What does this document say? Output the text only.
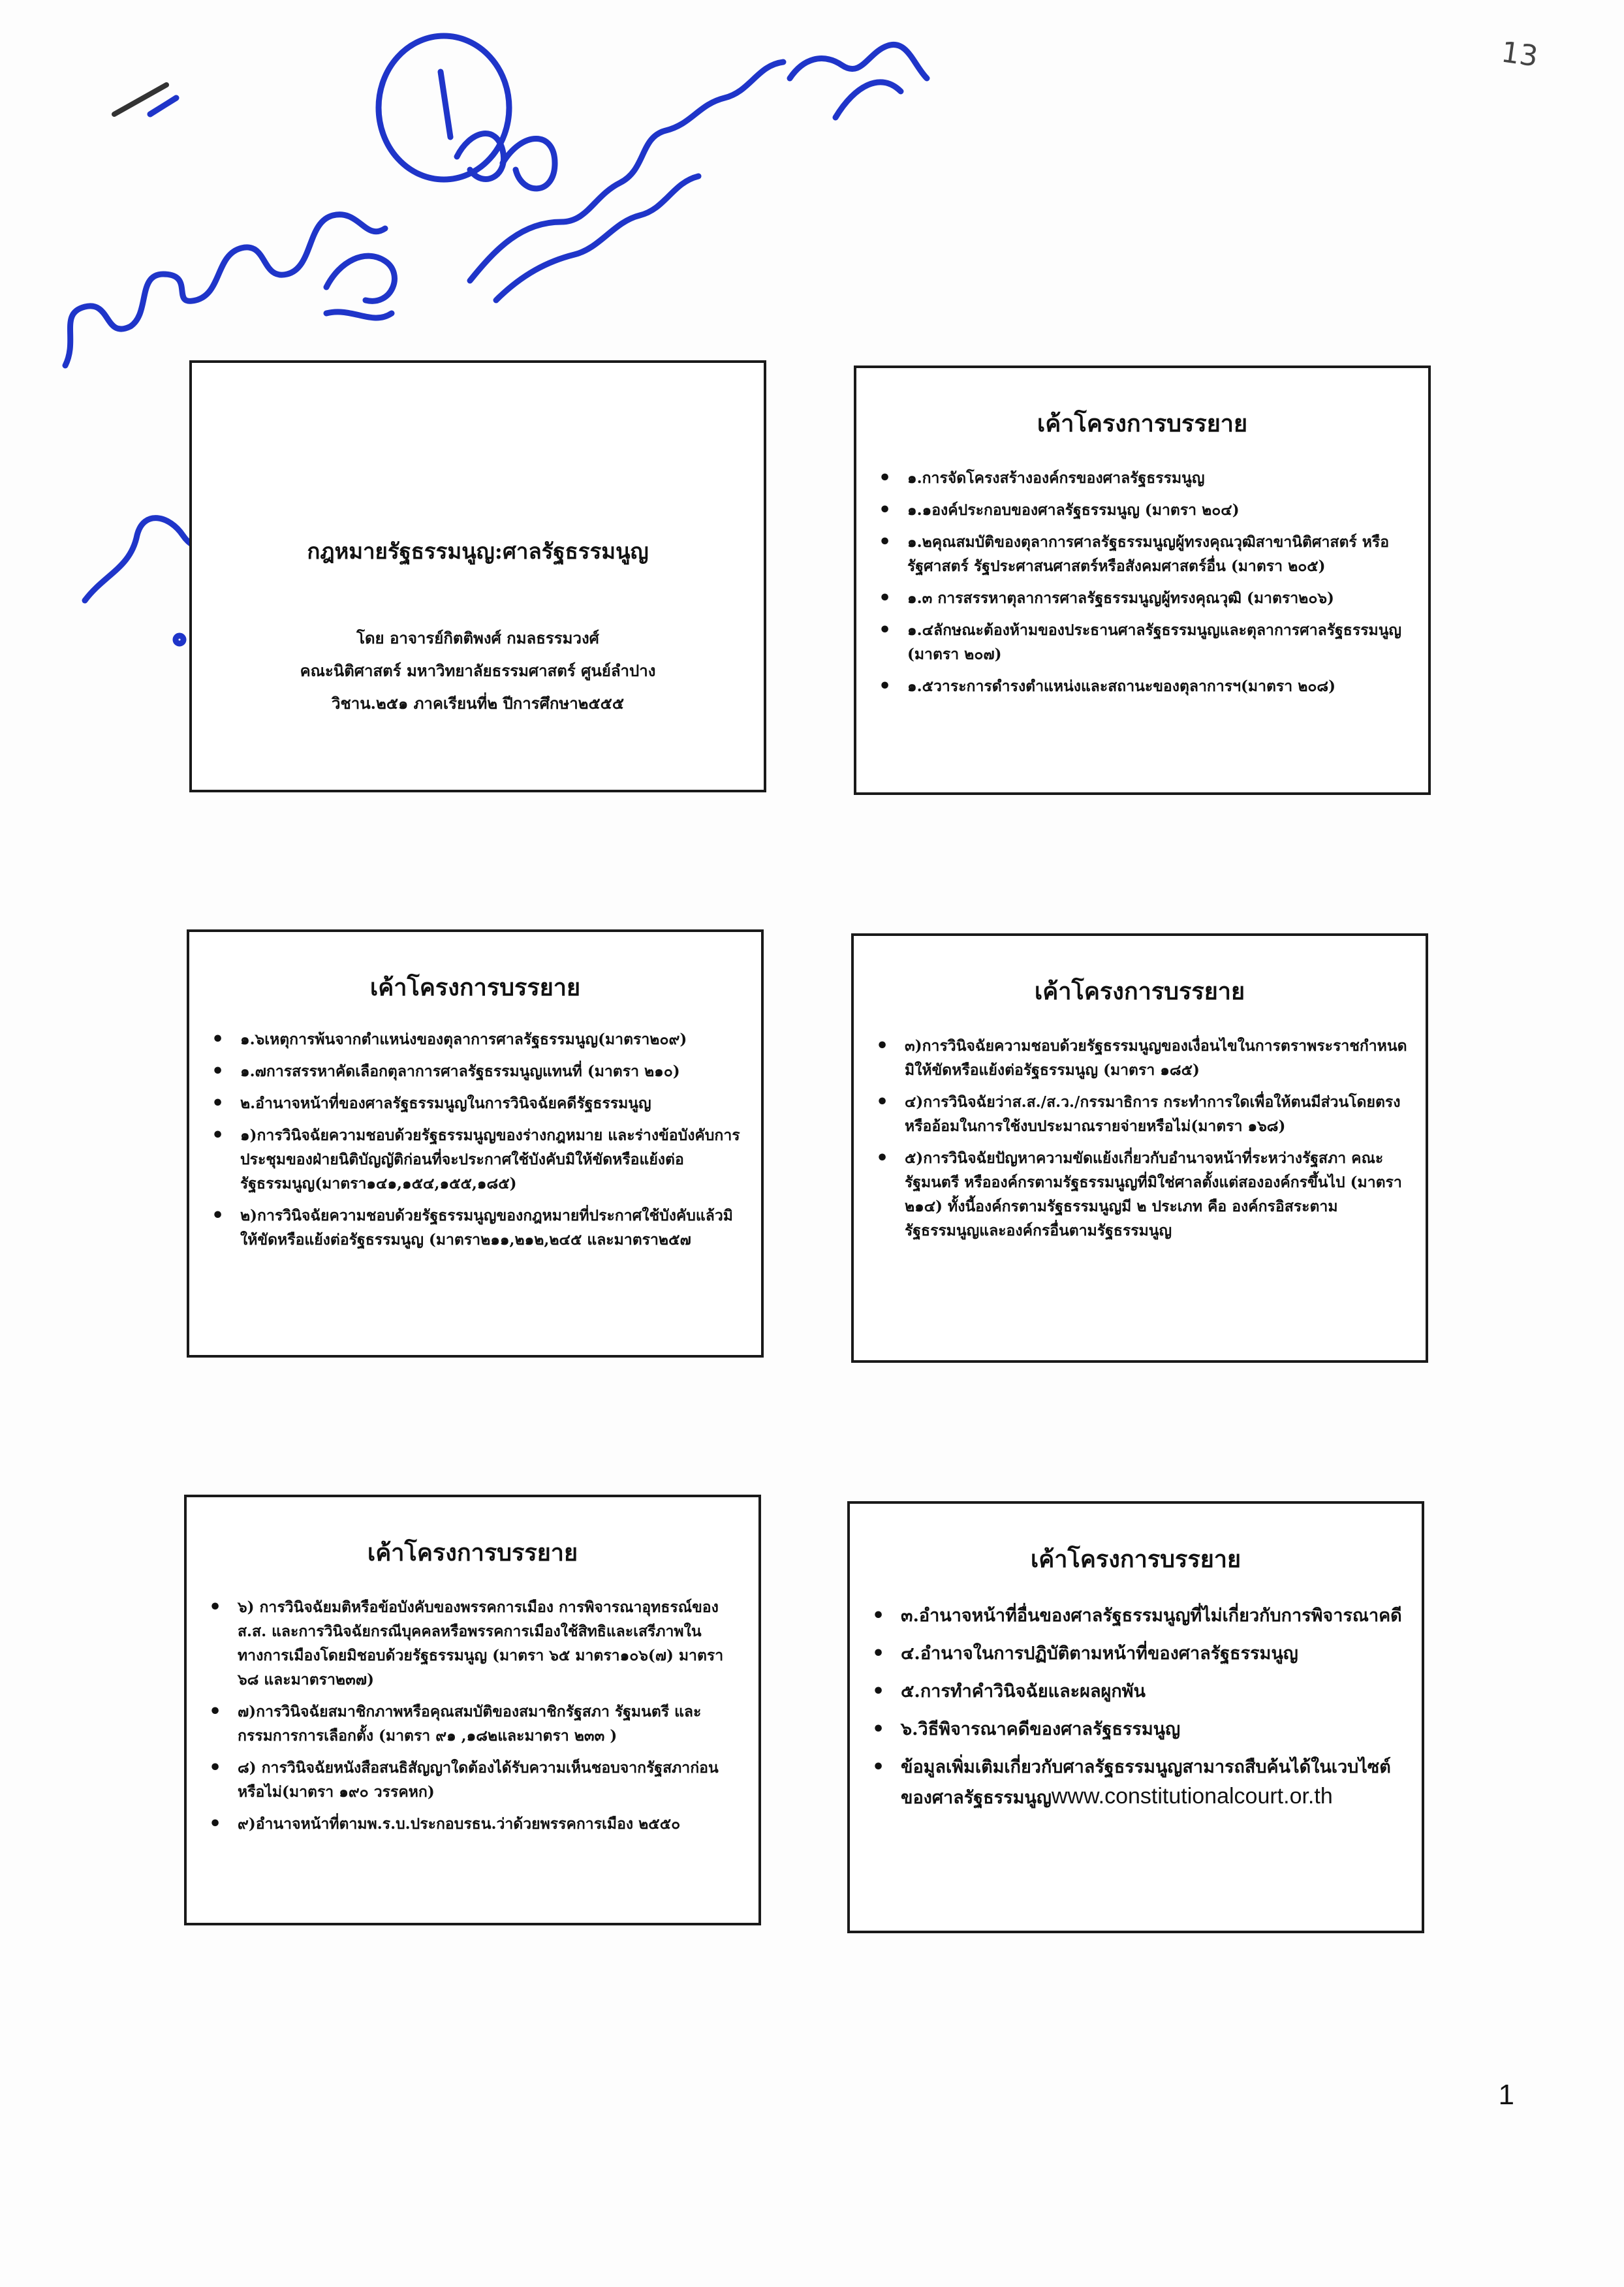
13
กฎหมายรัฐธรรมนูญ:ศาลรัฐธรรมนูญ
โดย อาจารย์กิตติพงศ์ กมลธรรมวงศ์
คณะนิติศาสตร์ มหาวิทยาลัยธรรมศาสตร์ ศูนย์ลำปาง
วิชาน.๒๕๑ ภาคเรียนที่๒ ปีการศึกษา๒๕๕๕
เค้าโครงการบรรยาย
• ๑.การจัดโครงสร้างองค์กรของศาลรัฐธรรมนูญ
• ๑.๑องค์ประกอบของศาลรัฐธรรมนูญ (มาตรา ๒๐๔)
• ๑.๒คุณสมบัติของตุลาการศาลรัฐธรรมนูญผู้ทรงคุณวุฒิสาขานิติศาสตร์ หรือรัฐศาสตร์ รัฐประศาสนศาสตร์หรือสังคมศาสตร์อื่น (มาตรา ๒๐๕)
• ๑.๓ การสรรหาตุลาการศาลรัฐธรรมนูญผู้ทรงคุณวุฒิ (มาตรา๒๐๖)
• ๑.๔ลักษณะต้องห้ามของประธานศาลรัฐธรรมนูญและตุลาการศาลรัฐธรรมนูญ (มาตรา ๒๐๗)
• ๑.๕วาระการดำรงตำแหน่งและสถานะของตุลาการฯ(มาตรา ๒๐๘)
เค้าโครงการบรรยาย
• ๑.๖เหตุการพ้นจากตำแหน่งของตุลาการศาลรัฐธรรมนูญ(มาตรา๒๐๙)
• ๑.๗การสรรหาคัดเลือกตุลาการศาลรัฐธรรมนูญแทนที่ (มาตรา ๒๑๐)
• ๒.อำนาจหน้าที่ของศาลรัฐธรรมนูญในการวินิจฉัยคดีรัฐธรรมนูญ
• ๑)การวินิจฉัยความชอบด้วยรัฐธรรมนูญของร่างกฎหมาย และร่างข้อบังคับการประชุมของฝ่ายนิติบัญญัติก่อนที่จะประกาศใช้บังคับมิให้ขัดหรือแย้งต่อรัฐธรรมนูญ(มาตรา๑๔๑,๑๕๔,๑๕๕,๑๘๕)
• ๒)การวินิจฉัยความชอบด้วยรัฐธรรมนูญของกฎหมายที่ประกาศใช้บังคับแล้วมิให้ขัดหรือแย้งต่อรัฐธรรมนูญ (มาตรา๒๑๑,๒๑๒,๒๔๕ และมาตรา๒๕๗
เค้าโครงการบรรยาย
• ๓)การวินิจฉัยความชอบด้วยรัฐธรรมนูญของเงื่อนไขในการตราพระราชกำหนดมิให้ขัดหรือแย้งต่อรัฐธรรมนูญ (มาตรา ๑๘๕)
• ๔)การวินิจฉัยว่าส.ส./ส.ว./กรรมาธิการ กระทำการใดเพื่อให้ตนมีส่วนโดยตรงหรืออ้อมในการใช้งบประมาณรายจ่ายหรือไม่(มาตรา ๑๖๘)
• ๕)การวินิจฉัยปัญหาความขัดแย้งเกี่ยวกับอำนาจหน้าที่ระหว่างรัฐสภา คณะรัฐมนตรี หรือองค์กรตามรัฐธรรมนูญที่มิใช่ศาลตั้งแต่สององค์กรขึ้นไป (มาตรา ๒๑๔) ทั้งนี้องค์กรตามรัฐธรรมนูญมี ๒ ประเภท คือ องค์กรอิสระตามรัฐธรรมนูญและองค์กรอื่นตามรัฐธรรมนูญ
เค้าโครงการบรรยาย
• ๖) การวินิจฉัยมติหรือข้อบังคับของพรรคการเมือง การพิจารณาอุทธรณ์ของ ส.ส. และการวินิจฉัยกรณีบุคคลหรือพรรคการเมืองใช้สิทธิและเสรีภาพในทางการเมืองโดยมิชอบด้วยรัฐธรรมนูญ (มาตรา ๖๕ มาตรา๑๐๖(๗) มาตรา ๖๘ และมาตรา๒๓๗)
• ๗)การวินิจฉัยสมาชิกภาพหรือคุณสมบัติของสมาชิกรัฐสภา รัฐมนตรี และกรรมการการเลือกตั้ง (มาตรา ๙๑ ,๑๘๒และมาตรา ๒๓๓ )
• ๘) การวินิจฉัยหนังสือสนธิสัญญาใดต้องได้รับความเห็นชอบจากรัฐสภาก่อนหรือไม่(มาตรา ๑๙๐ วรรคหก)
• ๙)อำนาจหน้าที่ตามพ.ร.บ.ประกอบรธน.ว่าด้วยพรรคการเมือง ๒๕๕๐
เค้าโครงการบรรยาย
• ๓.อำนาจหน้าที่อื่นของศาลรัฐธรรมนูญที่ไม่เกี่ยวกับการพิจารณาคดี
• ๔.อำนาจในการปฏิบัติตามหน้าที่ของศาลรัฐธรรมนูญ
• ๕.การทำคำวินิจฉัยและผลผูกพัน
• ๖.วิธีพิจารณาคดีของศาลรัฐธรรมนูญ
• ข้อมูลเพิ่มเติมเกี่ยวกับศาลรัฐธรรมนูญสามารถสืบค้นได้ในเวบไซต์ของศาลรัฐธรรมนูญwww.constitutionalcourt.or.th
1
